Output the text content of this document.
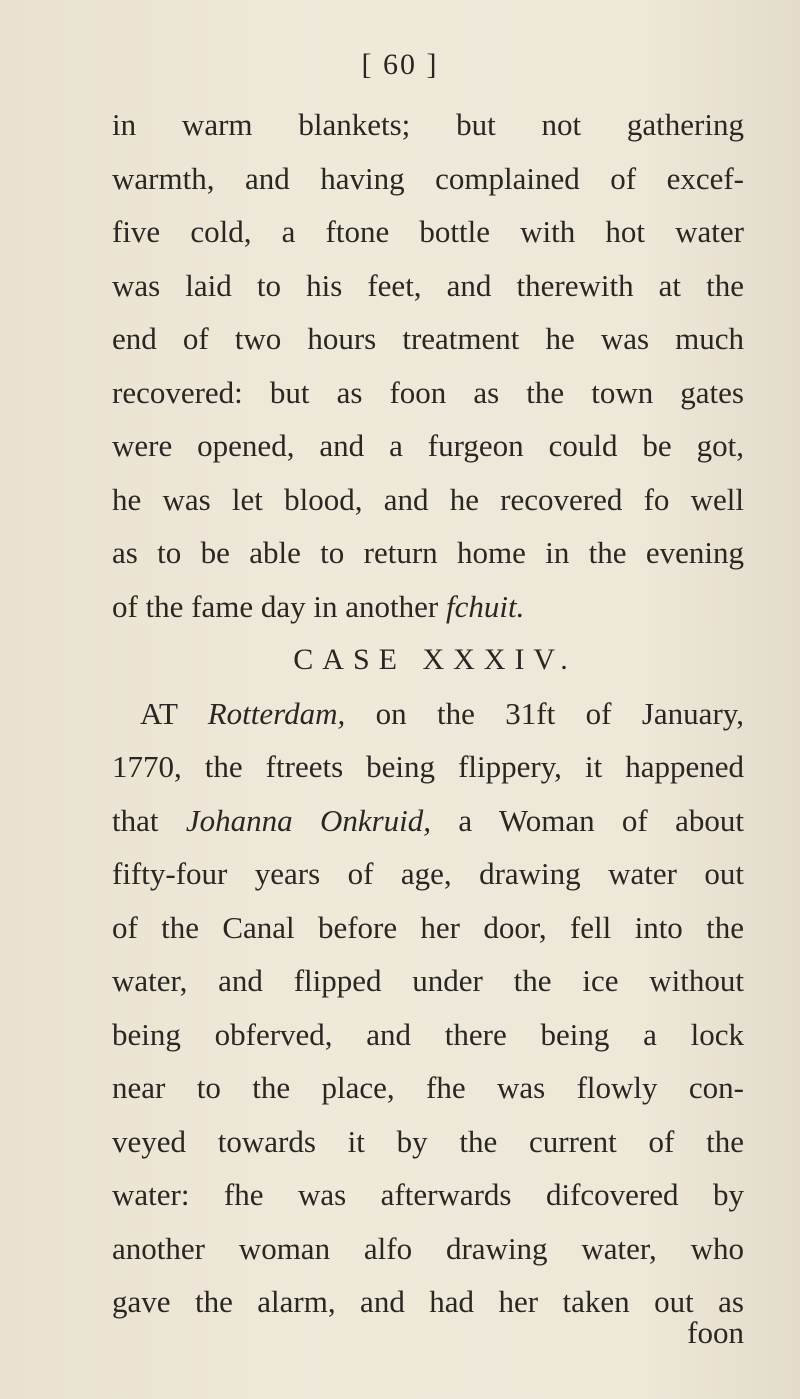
[ 60 ]
in warm blankets; but not gathering
warmth, and having complained of excef-
five cold, a ftone bottle with hot water
was laid to his feet, and therewith at the
end of two hours treatment he was much
recovered: but as foon as the town gates
were opened, and a furgeon could be got,
he was let blood, and he recovered fo well
as to be able to return home in the evening
of the fame day in another fchuit.
CASE XXXIV.
AT Rotterdam, on the 31ft of January,
1770, the ftreets being flippery, it happened
that Johanna Onkruid, a Woman of about
fifty-four years of age, drawing water out
of the Canal before her door, fell into the
water, and flipped under the ice without
being obferved, and there being a lock
near to the place, fhe was flowly con-
veyed towards it by the current of the
water: fhe was afterwards difcovered by
another woman alfo drawing water, who
gave the alarm, and had her taken out as
foon
